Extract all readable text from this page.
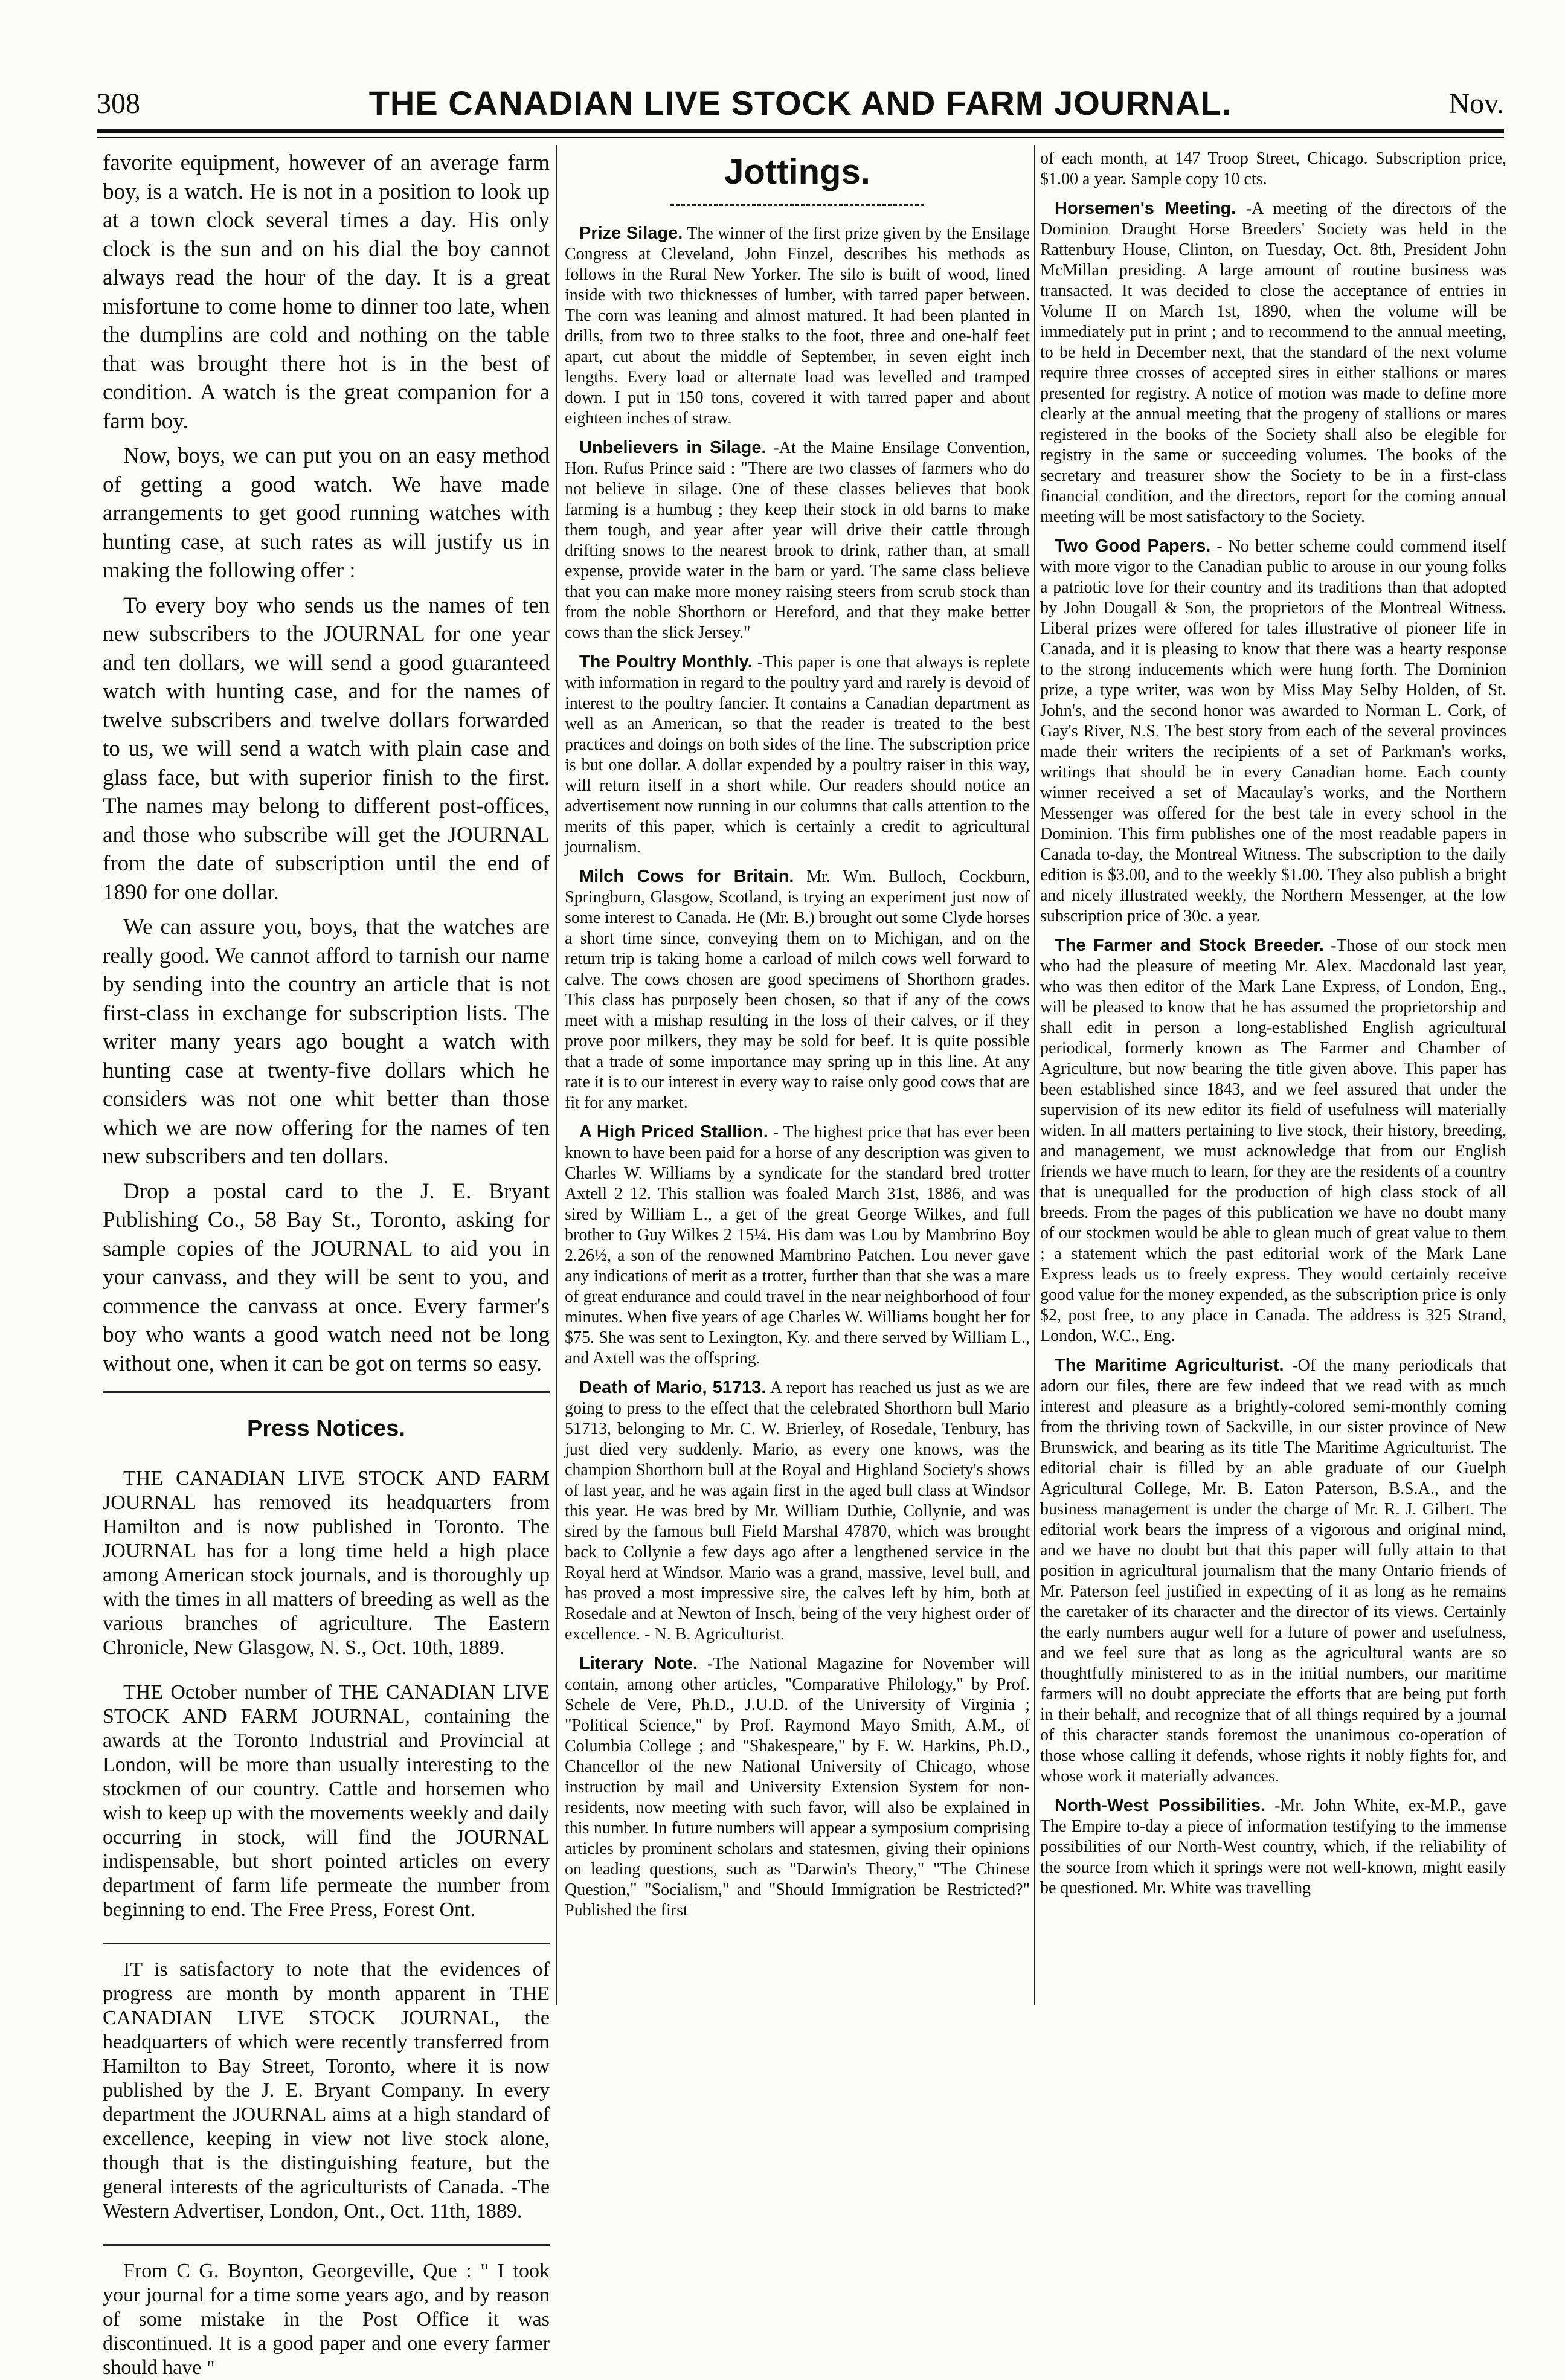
308	THE CANADIAN LIVE STOCK AND FARM JOURNAL.	Nov.

favorite equipment, however of an average farm boy, is a watch. He is not in a position to look up at a town clock several times a day. His only clock is the sun and on his dial the boy cannot always read the hour of the day. It is a great misfortune to come home to dinner too late, when the dumplins are cold and nothing on the table that was brought there hot is in the best of condition. A watch is the great companion for a farm boy.

Now, boys, we can put you on an easy method of getting a good watch. We have made arrangements to get good running watches with hunting case, at such rates as will justify us in making the following offer :

To every boy who sends us the names of ten new subscribers to the JOURNAL for one year and ten dollars, we will send a good guaranteed watch with hunting case, and for the names of twelve subscribers and twelve dollars forwarded to us, we will send a watch with plain case and glass face, but with superior finish to the first. The names may belong to different post-offices, and those who subscribe will get the JOURNAL from the date of subscription until the end of 1890 for one dollar.

We can assure you, boys, that the watches are really good. We cannot afford to tarnish our name by sending into the country an article that is not first-class in exchange for subscription lists. The writer many years ago bought a watch with hunting case at twenty-five dollars which he considers was not one whit better than those which we are now offering for the names of ten new subscribers and ten dollars.

Drop a postal card to the J. E. Bryant Publishing Co., 58 Bay St., Toronto, asking for sample copies of the JOURNAL to aid you in your canvass, and they will be sent to you, and commence the canvass at once. Every farmer's boy who wants a good watch need not be long without one, when it can be got on terms so easy.

Press Notices.

THE CANADIAN LIVE STOCK AND FARM JOURNAL has removed its headquarters from Hamilton and is now published in Toronto. The JOURNAL has for a long time held a high place among American stock journals, and is thoroughly up with the times in all matters of breeding as well as the various branches of agriculture. The Eastern Chronicle, New Glasgow, N. S., Oct. 10th, 1889.

THE October number of THE CANADIAN LIVE STOCK AND FARM JOURNAL, containing the awards at the Toronto Industrial and Provincial at London, will be more than usually interesting to the stockmen of our country. Cattle and horsemen who wish to keep up with the movements weekly and daily occurring in stock, will find the JOURNAL indispensable, but short pointed articles on every department of farm life permeate the number from beginning to end. The Free Press, Forest Ont.

IT is satisfactory to note that the evidences of progress are month by month apparent in THE CANADIAN LIVE STOCK JOURNAL, the headquarters of which were recently transferred from Hamilton to Bay Street, Toronto, where it is now published by the J. E. Bryant Company. In every department the JOURNAL aims at a high standard of excellence, keeping in view not live stock alone, though that is the distinguishing feature, but the general interests of the agriculturists of Canada. -The Western Advertiser, London, Ont., Oct. 11th, 1889.

From C G. Boynton, Georgeville, Que : " I took your journal for a time some years ago, and by reason of some mistake in the Post Office it was discontinued. It is a good paper and one every farmer should have "

Jottings.

Prize Silage. The winner of the first prize given by the Ensilage Congress at Cleveland, John Finzel, describes his methods as follows in the Rural New Yorker. The silo is built of wood, lined inside with two thicknesses of lumber, with tarred paper between. The corn was leaning and almost matured. It had been planted in drills, from two to three stalks to the foot, three and one-half feet apart, cut about the middle of September, in seven eight inch lengths. Every load or alternate load was levelled and tramped down. I put in 150 tons, covered it with tarred paper and about eighteen inches of straw.

Unbelievers in Silage. -At the Maine Ensilage Convention, Hon. Rufus Prince said : "There are two classes of farmers who do not believe in silage. One of these classes believes that book farming is a humbug ; they keep their stock in old barns to make them tough, and year after year will drive their cattle through drifting snows to the nearest brook to drink, rather than, at small expense, provide water in the barn or yard. The same class believe that you can make more money raising steers from scrub stock than from the noble Shorthorn or Hereford, and that they make better cows than the slick Jersey."

The Poultry Monthly. -This paper is one that always is replete with information in regard to the poultry yard and rarely is devoid of interest to the poultry fancier. It contains a Canadian department as well as an American, so that the reader is treated to the best practices and doings on both sides of the line. The subscription price is but one dollar. A dollar expended by a poultry raiser in this way, will return itself in a short while. Our readers should notice an advertisement now running in our columns that calls attention to the merits of this paper, which is certainly a credit to agricultural journalism.

Milch Cows for Britain. Mr. Wm. Bulloch, Cockburn, Springburn, Glasgow, Scotland, is trying an experiment just now of some interest to Canada. He (Mr. B.) brought out some Clyde horses a short time since, conveying them on to Michigan, and on the return trip is taking home a carload of milch cows well forward to calve. The cows chosen are good specimens of Shorthorn grades. This class has purposely been chosen, so that if any of the cows meet with a mishap resulting in the loss of their calves, or if they prove poor milkers, they may be sold for beef. It is quite possible that a trade of some importance may spring up in this line. At any rate it is to our interest in every way to raise only good cows that are fit for any market.

A High Priced Stallion. - The highest price that has ever been known to have been paid for a horse of any description was given to Charles W. Williams by a syndicate for the standard bred trotter Axtell 2 12. This stallion was foaled March 31st, 1886, and was sired by William L., a get of the great George Wilkes, and full brother to Guy Wilkes 2 15¼. His dam was Lou by Mambrino Boy 2.26½, a son of the renowned Mambrino Patchen. Lou never gave any indications of merit as a trotter, further than that she was a mare of great endurance and could travel in the near neighborhood of four minutes. When five years of age Charles W. Williams bought her for $75. She was sent to Lexington, Ky. and there served by William L., and Axtell was the offspring.

Death of Mario, 51713. A report has reached us just as we are going to press to the effect that the celebrated Shorthorn bull Mario 51713, belonging to Mr. C. W. Brierley, of Rosedale, Tenbury, has just died very suddenly. Mario, as every one knows, was the champion Shorthorn bull at the Royal and Highland Society's shows of last year, and he was again first in the aged bull class at Windsor this year. He was bred by Mr. William Duthie, Collynie, and was sired by the famous bull Field Marshal 47870, which was brought back to Collynie a few days ago after a lengthened service in the Royal herd at Windsor. Mario was a grand, massive, level bull, and has proved a most impressive sire, the calves left by him, both at Rosedale and at Newton of Insch, being of the very highest order of excellence. - N. B. Agriculturist.

Literary Note. -The National Magazine for November will contain, among other articles, "Comparative Philology," by Prof. Schele de Vere, Ph.D., J.U.D. of the University of Virginia ; "Political Science," by Prof. Raymond Mayo Smith, A.M., of Columbia College ; and "Shakespeare," by F. W. Harkins, Ph.D., Chancellor of the new National University of Chicago, whose instruction by mail and University Extension System for non-residents, now meeting with such favor, will also be explained in this number. In future numbers will appear a symposium comprising articles by prominent scholars and statesmen, giving their opinions on leading questions, such as "Darwin's Theory," "The Chinese Question," "Socialism," and "Should Immigration be Restricted?" Published the first

of each month, at 147 Troop Street, Chicago. Subscription price, $1.00 a year. Sample copy 10 cts.

Horsemen's Meeting. -A meeting of the directors of the Dominion Draught Horse Breeders' Society was held in the Rattenbury House, Clinton, on Tuesday, Oct. 8th, President John McMillan presiding. A large amount of routine business was transacted. It was decided to close the acceptance of entries in Volume II on March 1st, 1890, when the volume will be immediately put in print ; and to recommend to the annual meeting, to be held in December next, that the standard of the next volume require three crosses of accepted sires in either stallions or mares presented for registry. A notice of motion was made to define more clearly at the annual meeting that the progeny of stallions or mares registered in the books of the Society shall also be elegible for registry in the same or succeeding volumes. The books of the secretary and treasurer show the Society to be in a first-class financial condition, and the directors, report for the coming annual meeting will be most satisfactory to the Society.

Two Good Papers. - No better scheme could commend itself with more vigor to the Canadian public to arouse in our young folks a patriotic love for their country and its traditions than that adopted by John Dougall & Son, the proprietors of the Montreal Witness. Liberal prizes were offered for tales illustrative of pioneer life in Canada, and it is pleasing to know that there was a hearty response to the strong inducements which were hung forth. The Dominion prize, a type writer, was won by Miss May Selby Holden, of St. John's, and the second honor was awarded to Norman L. Cork, of Gay's River, N.S. The best story from each of the several provinces made their writers the recipients of a set of Parkman's works, writings that should be in every Canadian home. Each county winner received a set of Macaulay's works, and the Northern Messenger was offered for the best tale in every school in the Dominion. This firm publishes one of the most readable papers in Canada to-day, the Montreal Witness. The subscription to the daily edition is $3.00, and to the weekly $1.00. They also publish a bright and nicely illustrated weekly, the Northern Messenger, at the low subscription price of 30c. a year.

The Farmer and Stock Breeder. -Those of our stock men who had the pleasure of meeting Mr. Alex. Macdonald last year, who was then editor of the Mark Lane Express, of London, Eng., will be pleased to know that he has assumed the proprietorship and shall edit in person a long-established English agricultural periodical, formerly known as The Farmer and Chamber of Agriculture, but now bearing the title given above. This paper has been established since 1843, and we feel assured that under the supervision of its new editor its field of usefulness will materially widen. In all matters pertaining to live stock, their history, breeding, and management, we must acknowledge that from our English friends we have much to learn, for they are the residents of a country that is unequalled for the production of high class stock of all breeds. From the pages of this publication we have no doubt many of our stockmen would be able to glean much of great value to them ; a statement which the past editorial work of the Mark Lane Express leads us to freely express. They would certainly receive good value for the money expended, as the subscription price is only $2, post free, to any place in Canada. The address is 325 Strand, London, W.C., Eng.

The Maritime Agriculturist. -Of the many periodicals that adorn our files, there are few indeed that we read with as much interest and pleasure as a brightly-colored semi-monthly coming from the thriving town of Sackville, in our sister province of New Brunswick, and bearing as its title The Maritime Agriculturist. The editorial chair is filled by an able graduate of our Guelph Agricultural College, Mr. B. Eaton Paterson, B.S.A., and the business management is under the charge of Mr. R. J. Gilbert. The editorial work bears the impress of a vigorous and original mind, and we have no doubt but that this paper will fully attain to that position in agricultural journalism that the many Ontario friends of Mr. Paterson feel justified in expecting of it as long as he remains the caretaker of its character and the director of its views. Certainly the early numbers augur well for a future of power and usefulness, and we feel sure that as long as the agricultural wants are so thoughtfully ministered to as in the initial numbers, our maritime farmers will no doubt appreciate the efforts that are being put forth in their behalf, and recognize that of all things required by a journal of this character stands foremost the unanimous co-operation of those whose calling it defends, whose rights it nobly fights for, and whose work it materially advances.

North-West Possibilities. -Mr. John White, ex-M.P., gave The Empire to-day a piece of information testifying to the immense possibilities of our North-West country, which, if the reliability of the source from which it springs were not well-known, might easily be questioned. Mr. White was travelling
